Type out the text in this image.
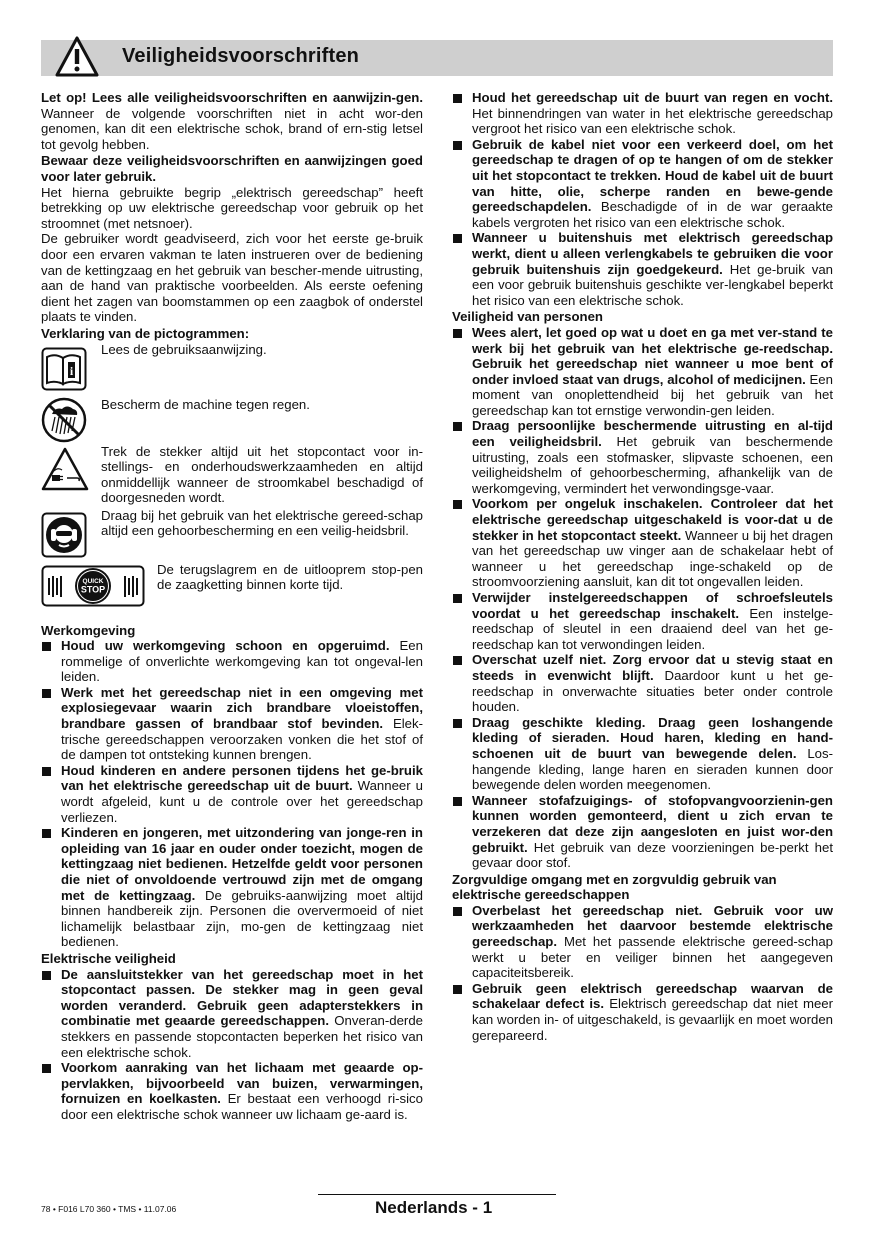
Veiligheidsvoorschriften

Let op! Lees alle veiligheidsvoorschriften en aanwijzin-gen. Wanneer de volgende voorschriften niet in acht wor-den genomen, kan dit een elektrische schok, brand of ern-stig letsel tot gevolg hebben.

Bewaar deze veiligheidsvoorschriften en aanwijzingen goed voor later gebruik.

Het hierna gebruikte begrip „elektrisch gereedschap” heeft betrekking op uw elektrische gereedschap voor gebruik op het stroomnet (met netsnoer).

De gebruiker wordt geadviseerd, zich voor het eerste ge-bruik door een ervaren vakman te laten instrueren over de bediening van de kettingzaag en het gebruik van bescher-mende uitrusting, aan de hand van praktische voorbeelden. Als eerste oefening dient het zagen van boomstammen op een zaagbok of onderstel plaats te vinden.

Verklaring van de pictogrammen:

i

Lees de gebruiksaanwijzing.

Bescherm de machine tegen regen.

Trek de stekker altijd uit het stopcontact voor in-stellings- en onderhoudswerkzaamheden en altijd onmiddellijk wanneer de stroomkabel beschadigd of doorgesneden wordt.

Draag bij het gebruik van het elektrische gereed-schap altijd een gehoorbescherming en een veilig-heidsbril.

QUICK
STOP

De terugslagrem en de uitlooprem stop-pen de zaagketting binnen korte tijd.

Werkomgeving

Houd uw werkomgeving schoon en opgeruimd. Een rommelige of onverlichte werkomgeving kan tot ongeval-len leiden.

Werk met het gereedschap niet in een omgeving met explosiegevaar waarin zich brandbare vloeistoffen, brandbare gassen of brandbaar stof bevinden. Elek-trische gereedschappen veroorzaken vonken die het stof of de dampen tot ontsteking kunnen brengen.

Houd kinderen en andere personen tijdens het ge-bruik van het elektrische gereedschap uit de buurt. Wanneer u wordt afgeleid, kunt u de controle over het gereedschap verliezen.

Kinderen en jongeren, met uitzondering van jonge-ren in opleiding van 16 jaar en ouder onder toezicht, mogen de kettingzaag niet bedienen. Hetzelfde geldt voor personen die niet of onvoldoende vertrouwd zijn met de omgang met de kettingzaag. De gebruiks-aanwijzing moet altijd binnen handbereik zijn. Personen die oververmoeid of niet lichamelijk belastbaar zijn, mo-gen de kettingzaag niet bedienen.

Elektrische veiligheid

De aansluitstekker van het gereedschap moet in het stopcontact passen. De stekker mag in geen geval worden veranderd. Gebruik geen adapterstekkers in combinatie met geaarde gereedschappen. Onveran-derde stekkers en passende stopcontacten beperken het risico van een elektrische schok.

Voorkom aanraking van het lichaam met geaarde op-pervlakken, bijvoorbeeld van buizen, verwarmingen, fornuizen en koelkasten. Er bestaat een verhoogd ri-sico door een elektrische schok wanneer uw lichaam ge-aard is.

Houd het gereedschap uit de buurt van regen en vocht. Het binnendringen van water in het elektrische gereedschap vergroot het risico van een elektrische schok.

Gebruik de kabel niet voor een verkeerd doel, om het gereedschap te dragen of op te hangen of om de stekker uit het stopcontact te trekken. Houd de kabel uit de buurt van hitte, olie, scherpe randen en bewe-gende gereedschapdelen. Beschadigde of in de war geraakte kabels vergroten het risico van een elektrische schok.

Wanneer u buitenshuis met elektrisch gereedschap werkt, dient u alleen verlengkabels te gebruiken die voor gebruik buitenshuis zijn goedgekeurd. Het ge-bruik van een voor gebruik buitenshuis geschikte ver-lengkabel beperkt het risico van een elektrische schok.

Veiligheid van personen

Wees alert, let goed op wat u doet en ga met ver-stand te werk bij het gebruik van het elektrische ge-reedschap. Gebruik het gereedschap niet wanneer u moe bent of onder invloed staat van drugs, alcohol of medicijnen. Een moment van onoplettendheid bij het gebruik van het gereedschap kan tot ernstige verwondin-gen leiden.

Draag persoonlijke beschermende uitrusting en al-tijd een veiligheidsbril. Het gebruik van beschermende uitrusting, zoals een stofmasker, slipvaste schoenen, een veiligheidshelm of gehoorbescherming, afhankelijk van de werkomgeving, vermindert het verwondingsge-vaar.

Voorkom per ongeluk inschakelen. Controleer dat het elektrische gereedschap uitgeschakeld is voor-dat u de stekker in het stopcontact steekt. Wanneer u bij het dragen van het gereedschap uw vinger aan de schakelaar hebt of wanneer u het gereedschap inge-schakeld op de stroomvoorziening aansluit, kan dit tot ongevallen leiden.

Verwijder instelgereedschappen of schroefsleutels voordat u het gereedschap inschakelt. Een instelge-reedschap of sleutel in een draaiend deel van het ge-reedschap kan tot verwondingen leiden.

Overschat uzelf niet. Zorg ervoor dat u stevig staat en steeds in evenwicht blijft. Daardoor kunt u het ge-reedschap in onverwachte situaties beter onder controle houden.

Draag geschikte kleding. Draag geen loshangende kleding of sieraden. Houd haren, kleding en hand-schoenen uit de buurt van bewegende delen. Los-hangende kleding, lange haren en sieraden kunnen door bewegende delen worden meegenomen.

Wanneer stofafzuigings- of stofopvangvoorzienin-gen kunnen worden gemonteerd, dient u zich ervan te verzekeren dat deze zijn aangesloten en juist wor-den gebruikt. Het gebruik van deze voorzieningen be-perkt het gevaar door stof.

Zorgvuldige omgang met en zorgvuldig gebruik van elektrische gereedschappen

Overbelast het gereedschap niet. Gebruik voor uw werkzaamheden het daarvoor bestemde elektrische gereedschap. Met het passende elektrische gereed-schap werkt u beter en veiliger binnen het aangegeven capaciteitsbereik.

Gebruik geen elektrisch gereedschap waarvan de schakelaar defect is. Elektrisch gereedschap dat niet meer kan worden in- of uitgeschakeld, is gevaarlijk en moet worden gerepareerd.

78 • F016 L70 360 • TMS • 11.07.06	Nederlands - 1
